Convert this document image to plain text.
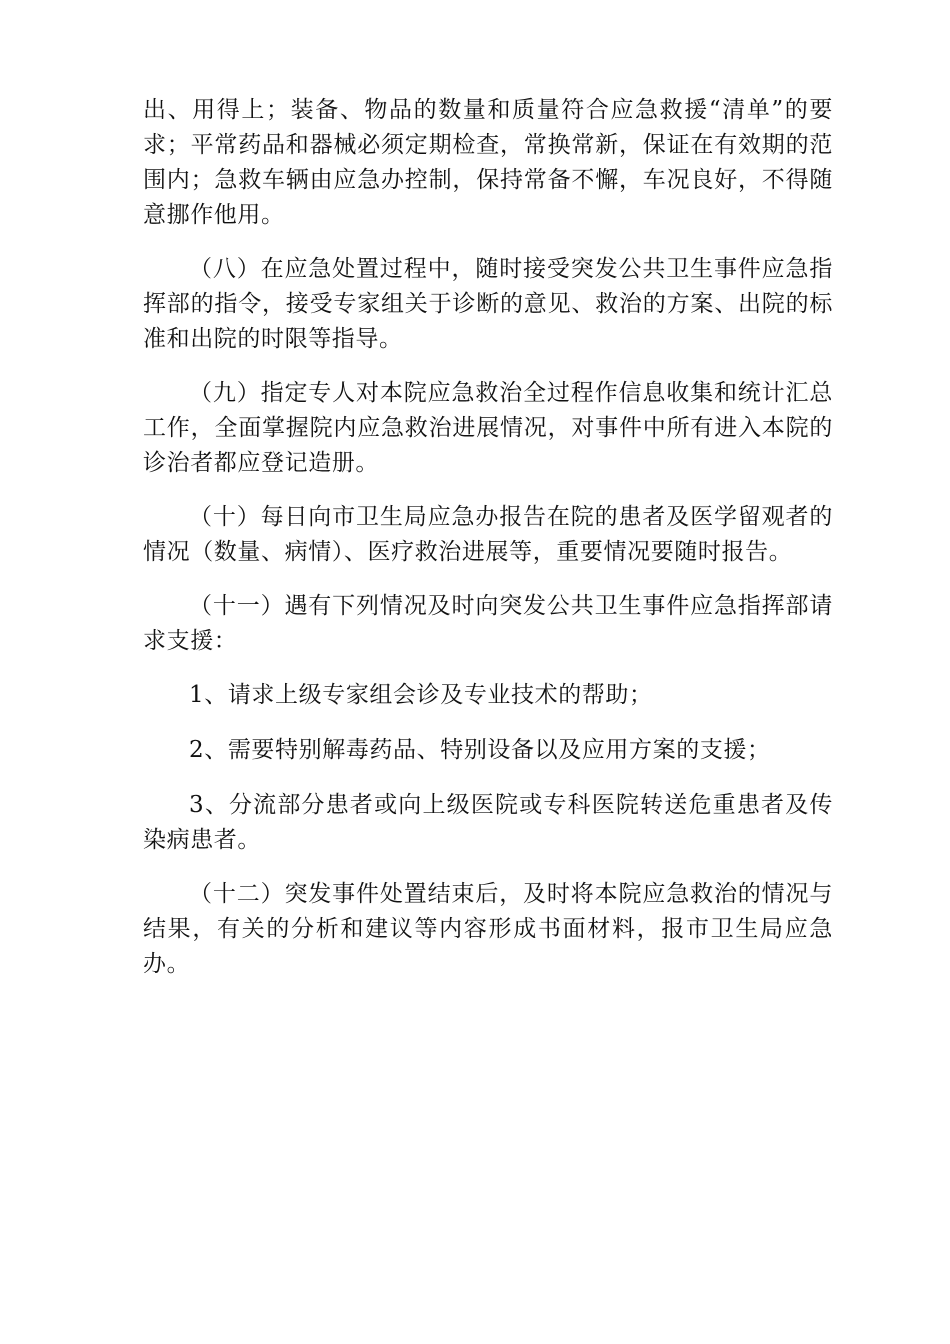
出、用得上；装备、物品的数量和质量符合应急救援“清单”的要求；平常药品和器械必须定期检查，常换常新，保证在有效期的范围内；急救车辆由应急办控制，保持常备不懈，车况良好，不得随意挪作他用。

（八）在应急处置过程中，随时接受突发公共卫生事件应急指挥部的指令，接受专家组关于诊断的意见、救治的方案、出院的标准和出院的时限等指导。

（九）指定专人对本院应急救治全过程作信息收集和统计汇总工作，全面掌握院内应急救治进展情况，对事件中所有进入本院的诊治者都应登记造册。

（十）每日向市卫生局应急办报告在院的患者及医学留观者的情况（数量、病情）、医疗救治进展等，重要情况要随时报告。

（十一）遇有下列情况及时向突发公共卫生事件应急指挥部请求支援：

1、请求上级专家组会诊及专业技术的帮助；

2、需要特别解毒药品、特别设备以及应用方案的支援；

3、分流部分患者或向上级医院或专科医院转送危重患者及传染病患者。

（十二）突发事件处置结束后，及时将本院应急救治的情况与结果，有关的分析和建议等内容形成书面材料，报市卫生局应急办。
